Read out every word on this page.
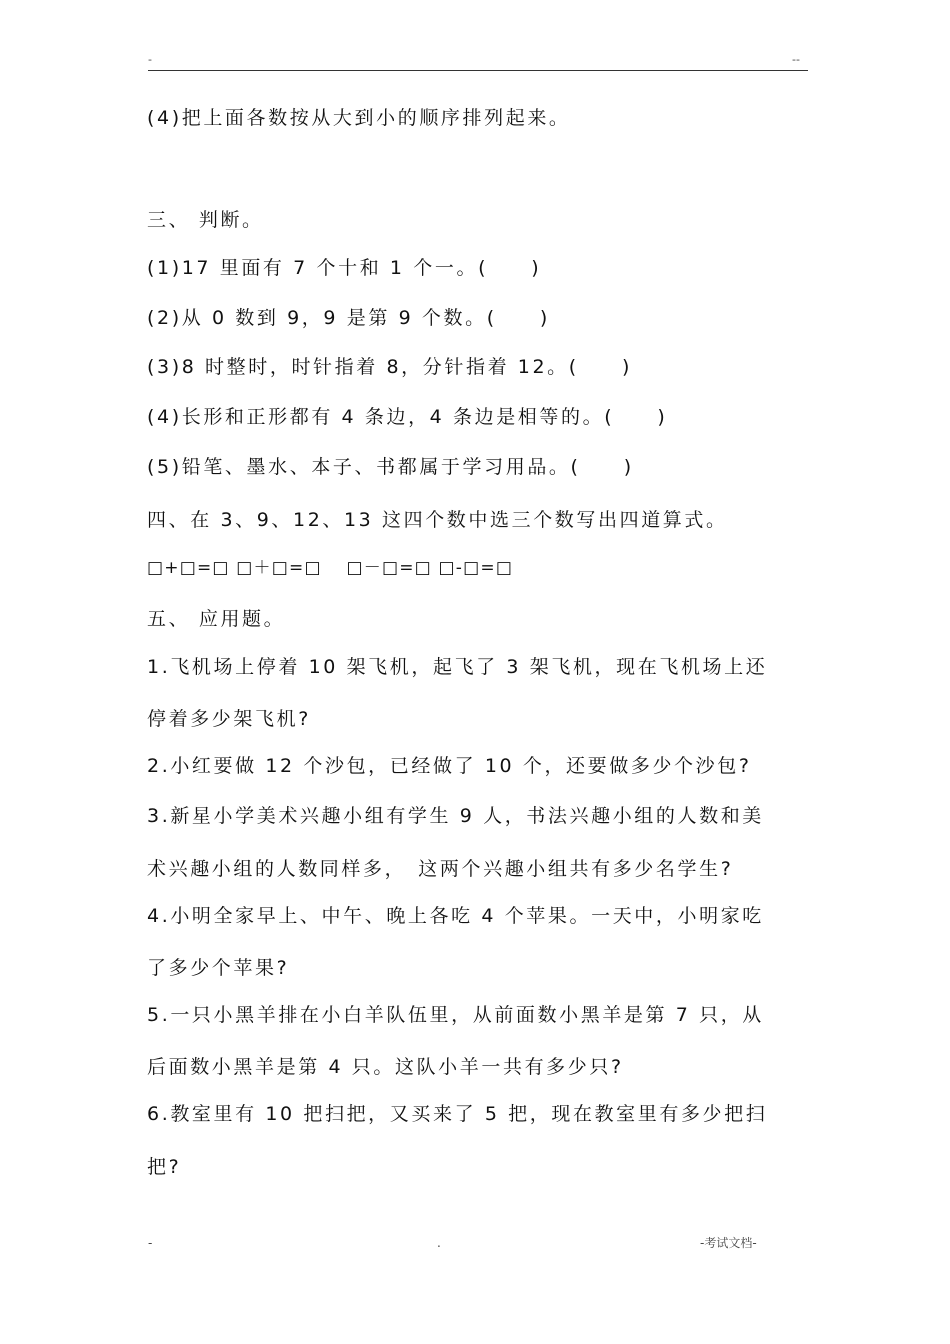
-	--
(4)把上面各数按从大到小的顺序排列起来。
三、 判断。
(1)17 里面有 7 个十和 1 个一。(　　)
(2)从 0 数到 9，9 是第 9 个数。(　　)
(3)8 时整时，时针指着 8，分针指着 12。(　　)
(4)长形和正形都有 4 条边，4 条边是相等的。(　　)
(5)铅笔、墨水、本子、书都属于学习用品。(　　)
四、在 3、9、12、13 这四个数中选三个数写出四道算式。
□+□=□ □＋□=□　 □－□=□ □-□=□
五、 应用题。
1.飞机场上停着 10 架飞机，起飞了 3 架飞机，现在飞机场上还
停着多少架飞机?
2.小红要做 12 个沙包，已经做了 10 个，还要做多少个沙包?
3.新星小学美术兴趣小组有学生 9 人，书法兴趣小组的人数和美
术兴趣小组的人数同样多，　这两个兴趣小组共有多少名学生?
4.小明全家早上、中午、晚上各吃 4 个苹果。一天中，小明家吃
了多少个苹果?
5.一只小黑羊排在小白羊队伍里，从前面数小黑羊是第 7 只，从
后面数小黑羊是第 4 只。这队小羊一共有多少只?
6.教室里有 10 把扫把，又买来了 5 把，现在教室里有多少把扫
把?
-	.	-考试文档-
